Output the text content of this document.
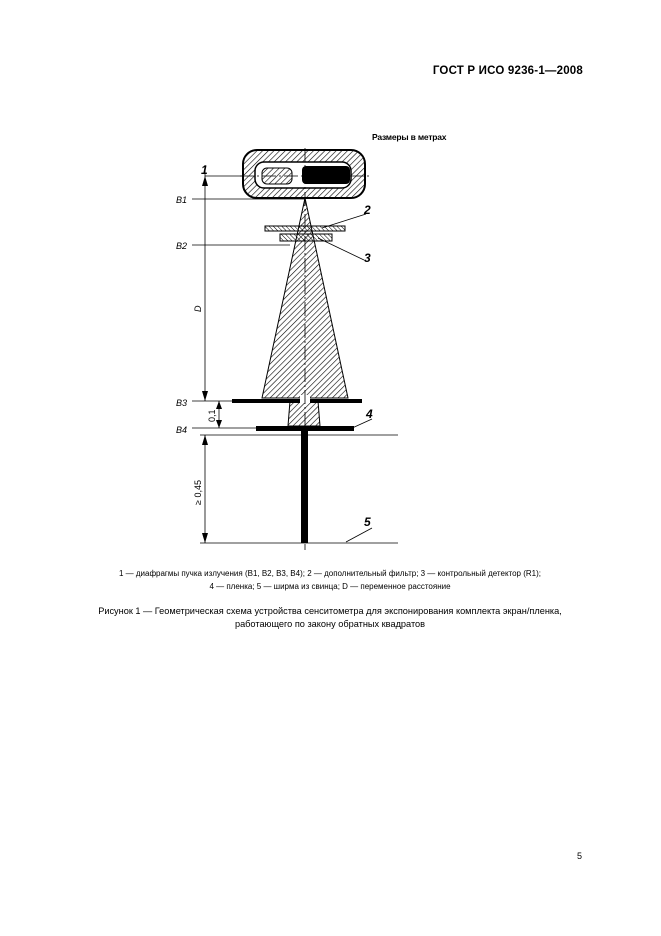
ГОСТ Р ИСО 9236-1—2008
Размеры в метрах
1
2
3
4
5
B1
B2
B3
B4
D
0,1
≥ 0,45
1 — диафрагмы пучка излучения (B1, B2, B3, B4); 2 — дополнительный фильтр; 3 — контрольный детектор (R1);
4 — пленка; 5 — ширма из свинца; D — переменное расстояние
Рисунок 1 — Геометрическая схема устройства сенситометра для экспонирования комплекта экран/пленка,
работающего по закону обратных квадратов
5
